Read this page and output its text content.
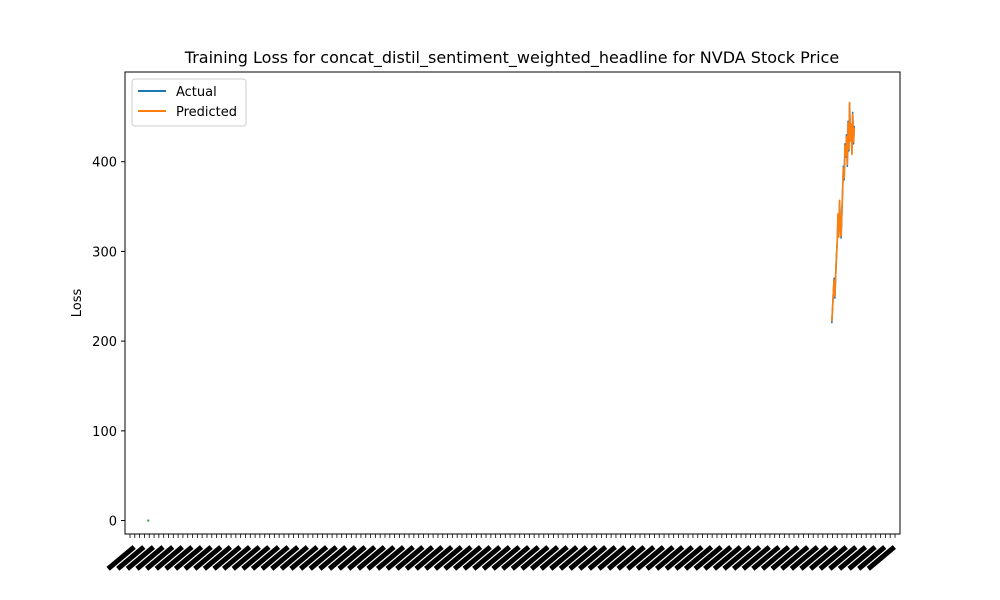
Training Loss for concat_distil_sentiment_weighted_headline for NVDA Stock Price
0
100
200
300
400
Loss
Actual
Predicted
